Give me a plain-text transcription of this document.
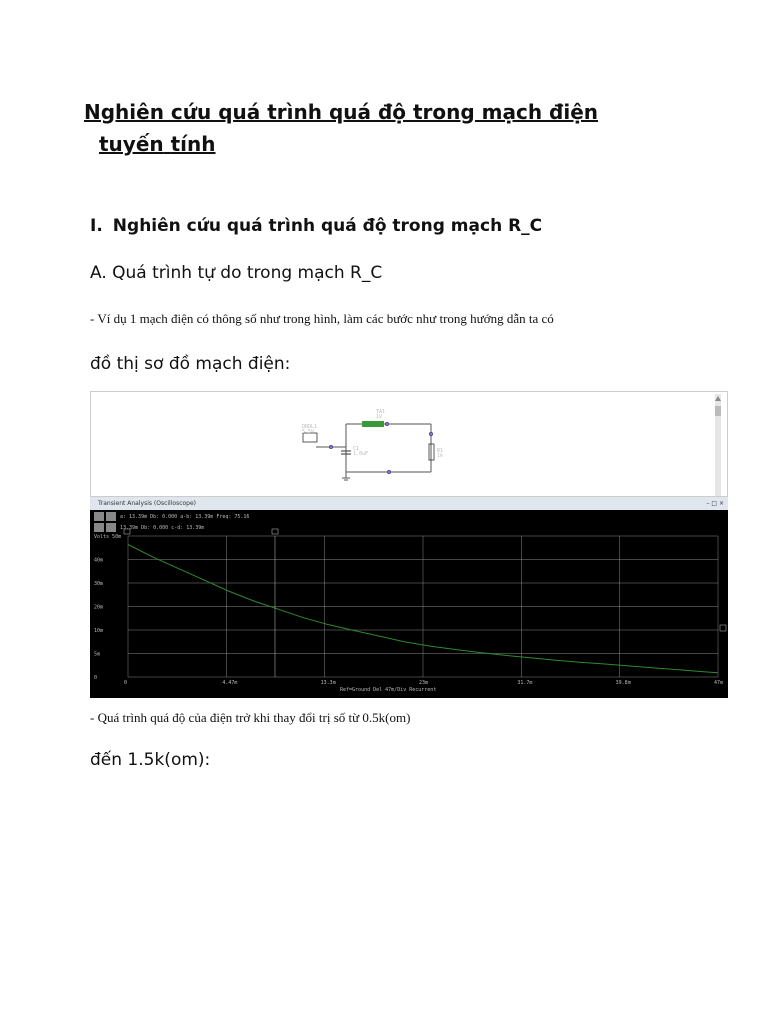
Nghiên cứu quá trình quá độ trong mạch điện
tuyến tính
I. Nghiên cứu quá trình quá độ trong mạch R_C
A. Quá trình tự do trong mạch R_C
- Ví dụ 1 mạch điện có thông số như trong hình, làm các bước như trong hướng dẫn ta có
đồ thị sơ đồ mạch điện:
DRDL1
5.5V
TA1
1V
C1
1.0uF	R1
1k
Transient Analysis (Oscilloscope)	– □ ×
a: 13.39m Db: 0.000 a-b: 13.39m Freq: 75.16
13.39m Db: 0.000 c-d: 13.39m
Ref=Ground Del 47m/Div Recurrent
0	4.47m	13.3m	23m	31.7m	39.8m	47m
Volts 50m
40m
30m
20m
10m
5m
0
- Quá trình quá độ của điện trở khi thay đổi trị số từ 0.5k(om)
đến 1.5k(om):
